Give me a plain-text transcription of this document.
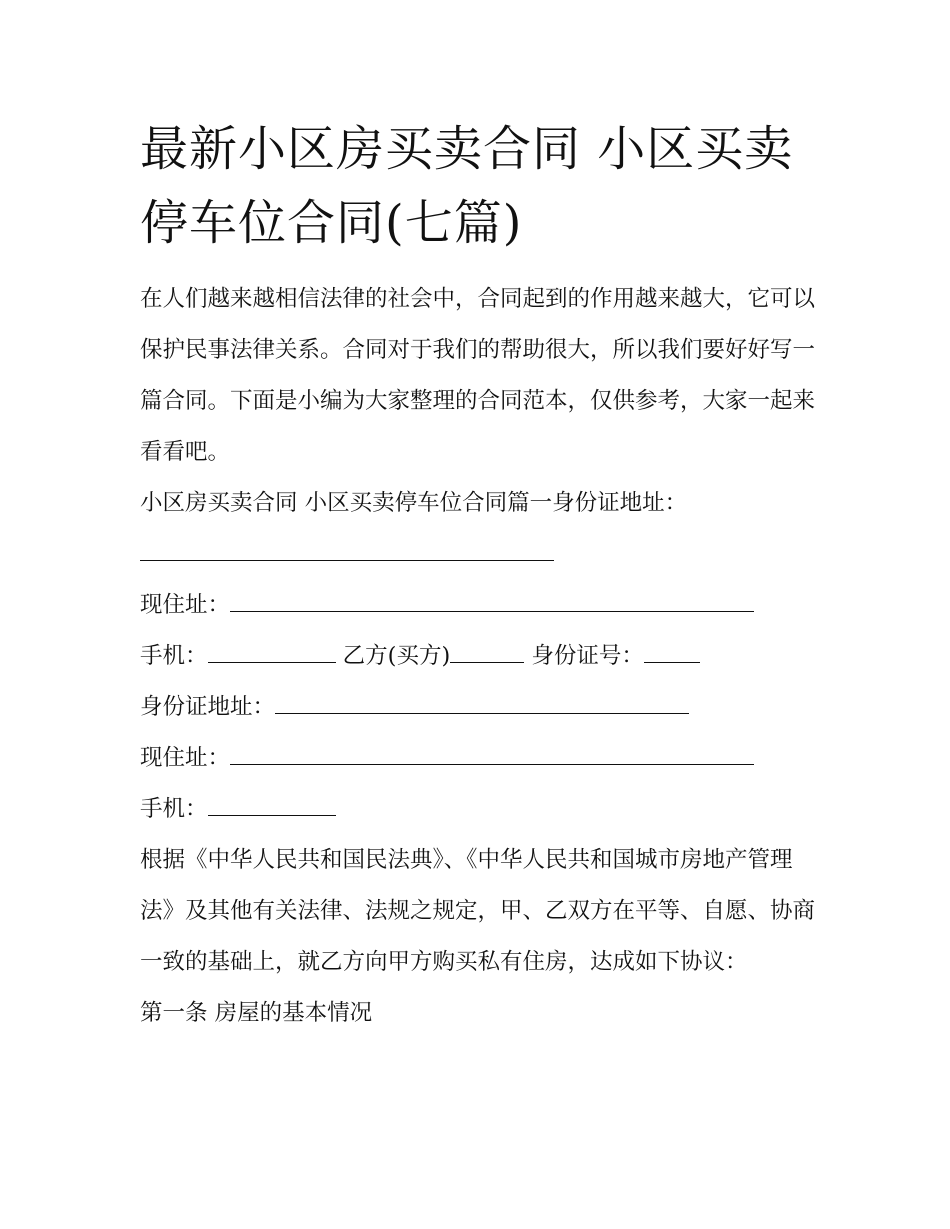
最新小区房买卖合同 小区买卖停车位合同(七篇)

在人们越来越相信法律的社会中，合同起到的作用越来越大，它可以保护民事法律关系。合同对于我们的帮助很大，所以我们要好好写一篇合同。下面是小编为大家整理的合同范本，仅供参考，大家一起来看看吧。

小区房买卖合同 小区买卖停车位合同篇一身份证地址：

现住址：

手机：	乙方(买方)	身份证号：

身份证地址：

现住址：

手机：

根据《中华人民共和国民法典》、《中华人民共和国城市房地产管理法》及其他有关法律、法规之规定，甲、乙双方在平等、自愿、协商一致的基础上，就乙方向甲方购买私有住房，达成如下协议：

第一条 房屋的基本情况
